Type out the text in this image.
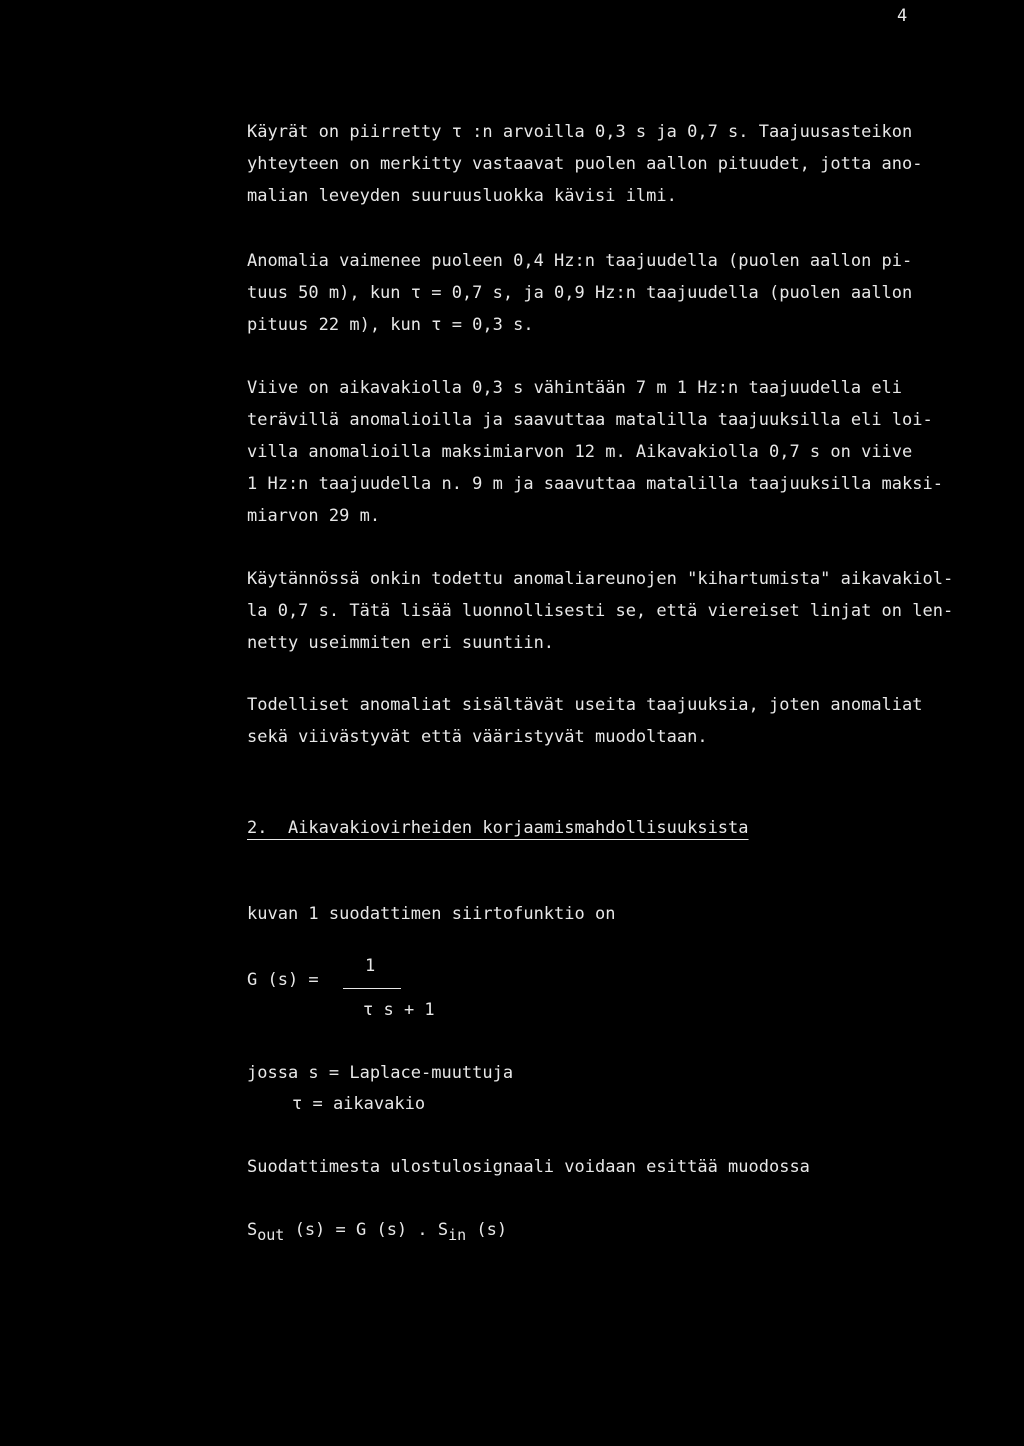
4
Käyrät on piirretty τ :n arvoilla 0,3 s ja 0,7 s. Taajuusasteikon
yhteyteen on merkitty vastaavat puolen aallon pituudet, jotta ano-
malian leveyden suuruusluokka kävisi ilmi.
Anomalia vaimenee puoleen 0,4 Hz:n taajuudella (puolen aallon pi-
tuus 50 m), kun τ = 0,7 s, ja 0,9 Hz:n taajuudella (puolen aallon
pituus 22 m), kun τ = 0,3 s.
Viive on aikavakiolla 0,3 s vähintään 7 m 1 Hz:n taajuudella eli
terävillä anomalioilla ja saavuttaa matalilla taajuuksilla eli loi-
villa anomalioilla maksimiarvon 12 m. Aikavakiolla 0,7 s on viive
1 Hz:n taajuudella n. 9 m ja saavuttaa matalilla taajuuksilla maksi-
miarvon 29 m.
Käytännössä onkin todettu anomaliareunojen "kihartumista" aikavakiol-
la 0,7 s. Tätä lisää luonnollisesti se, että viereiset linjat on len-
netty useimmiten eri suuntiin.
Todelliset anomaliat sisältävät useita taajuuksia, joten anomaliat
sekä viivästyvät että vääristyvät muodoltaan.
2.  Aikavakiovirheiden korjaamismahdollisuuksista
kuvan 1 suodattimen siirtofunktio on
G (s) =
1
τ s + 1
jossa s = Laplace-muuttuja
τ = aikavakio
Suodattimesta ulostulosignaali voidaan esittää muodossa
$S_{out}$ (s) = G (s) . $S_{in}$ (s)
